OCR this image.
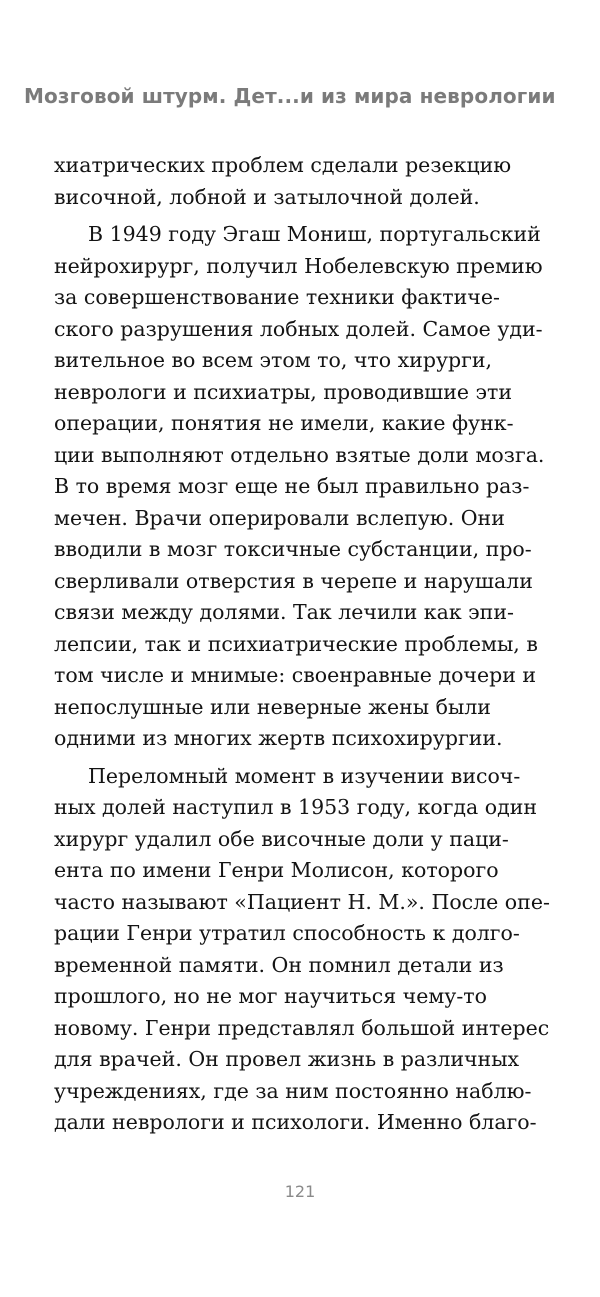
Мозговой штурм. Дет...и из мира неврологии
хиатрических проблем сделали резекцию
височной, лобной и затылочной долей.
В 1949 году Эгаш Мониш, португальский
нейрохирург, получил Нобелевскую премию
за совершенствование техники фактиче-
ского разрушения лобных долей. Самое уди-
вительное во всем этом то, что хирурги,
неврологи и психиатры, проводившие эти
операции, понятия не имели, какие функ-
ции выполняют отдельно взятые доли мозга.
В то время мозг еще не был правильно раз-
мечен. Врачи оперировали вслепую. Они
вводили в мозг токсичные субстанции, про-
сверливали отверстия в черепе и нарушали
связи между долями. Так лечили как эпи-
лепсии, так и психиатрические проблемы, в
том числе и мнимые: своенравные дочери и
непослушные или неверные жены были
одними из многих жертв психохирургии.
Переломный момент в изучении височ-
ных долей наступил в 1953 году, когда один
хирург удалил обе височные доли у паци-
ента по имени Генри Молисон, которого
часто называют «Пациент Н. М.». После опе-
рации Генри утратил способность к долго-
временной памяти. Он помнил детали из
прошлого, но не мог научиться чему-то
новому. Генри представлял большой интерес
для врачей. Он провел жизнь в различных
учреждениях, где за ним постоянно наблю-
дали неврологи и психологи. Именно благо-
121
